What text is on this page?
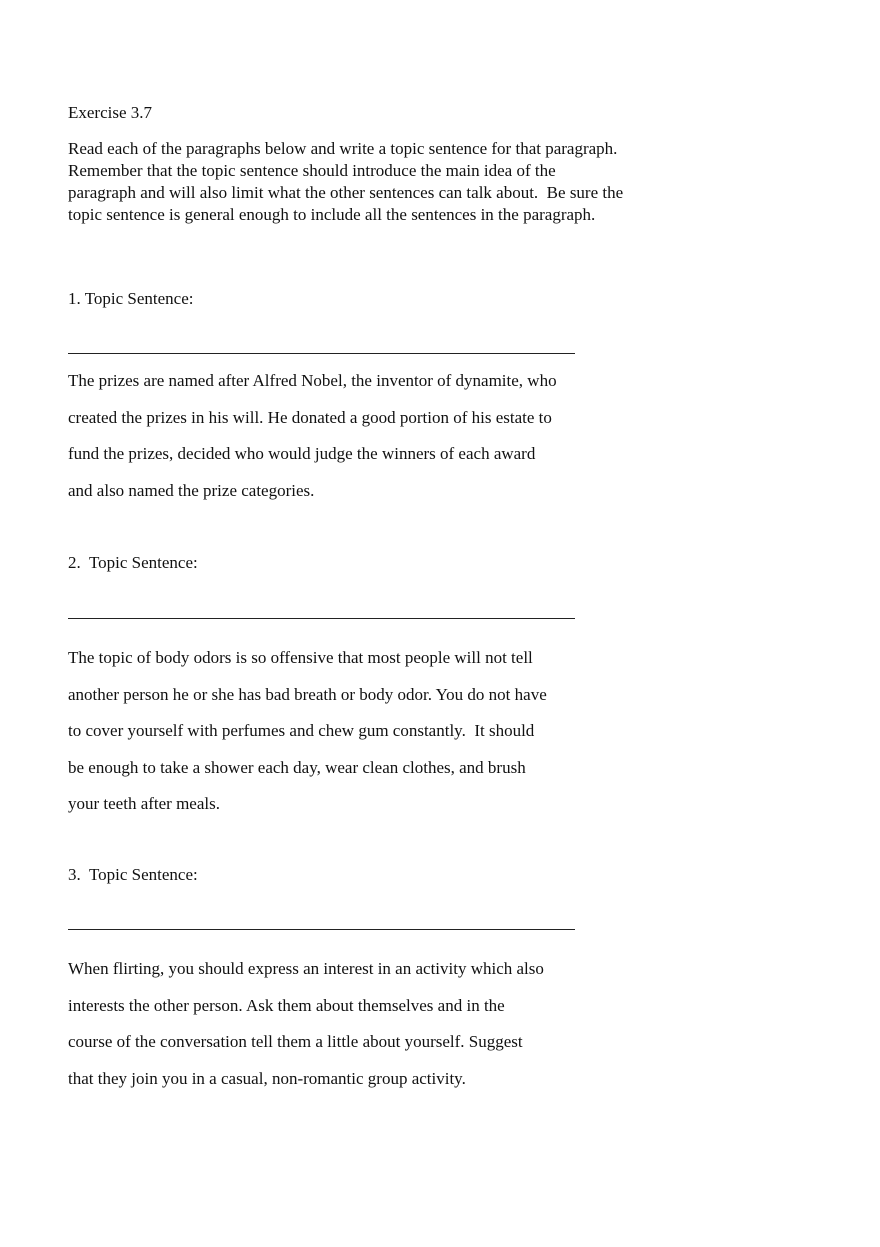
Exercise 3.7
Read each of the paragraphs below and write a topic sentence for that paragraph.
Remember that the topic sentence should introduce the main idea of the
paragraph and will also limit what the other sentences can talk about.  Be sure the
topic sentence is general enough to include all the sentences in the paragraph.
1. Topic Sentence:
The prizes are named after Alfred Nobel, the inventor of dynamite, who
created the prizes in his will. He donated a good portion of his estate to
fund the prizes, decided who would judge the winners of each award
and also named the prize categories.
2.  Topic Sentence:
The topic of body odors is so offensive that most people will not tell
another person he or she has bad breath or body odor. You do not have
to cover yourself with perfumes and chew gum constantly.  It should
be enough to take a shower each day, wear clean clothes, and brush
your teeth after meals.
3.  Topic Sentence:
When flirting, you should express an interest in an activity which also
interests the other person. Ask them about themselves and in the
course of the conversation tell them a little about yourself. Suggest
that they join you in a casual, non-romantic group activity.
